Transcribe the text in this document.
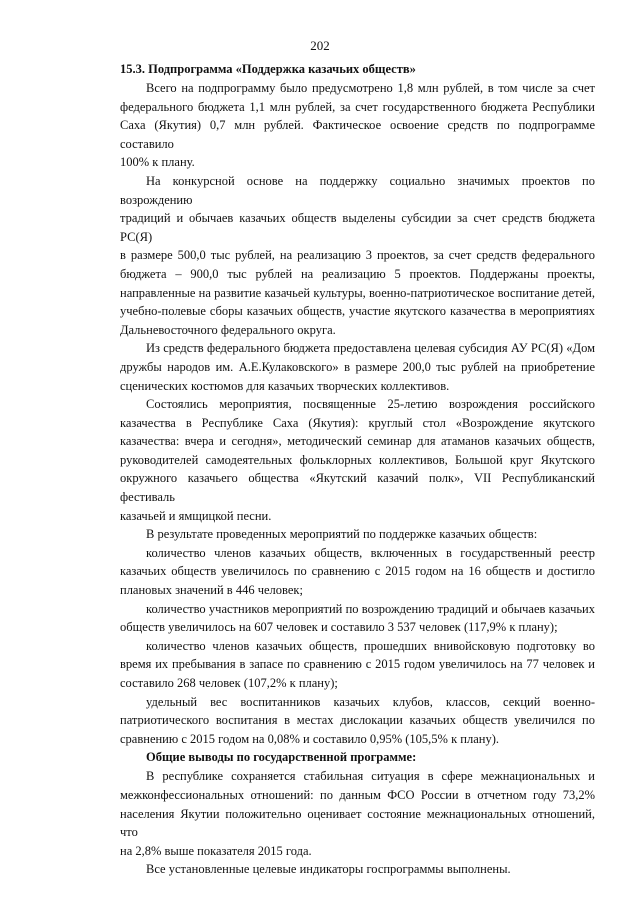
202
15.3. Подпрограмма «Поддержка казачьих обществ»
Всего на подпрограмму было предусмотрено 1,8 млн рублей, в том числе за счет
федерального бюджета 1,1 млн рублей, за счет государственного бюджета Республики
Саха (Якутия) 0,7 млн рублей. Фактическое освоение средств по подпрограмме составило
100% к плану.
На конкурсной основе на поддержку социально значимых проектов по возрождению
традиций и обычаев казачьих обществ выделены субсидии за счет средств бюджета РС(Я)
в размере 500,0 тыс рублей, на реализацию 3 проектов, за счет средств федерального
бюджета – 900,0 тыс рублей на реализацию 5 проектов. Поддержаны проекты,
направленные на развитие казачьей культуры, военно-патриотическое воспитание детей,
учебно-полевые сборы казачьих обществ, участие якутского казачества в мероприятиях
Дальневосточного федерального округа.
Из средств федерального бюджета предоставлена целевая субсидия АУ РС(Я) «Дом
дружбы народов им. А.Е.Кулаковского» в размере 200,0 тыс рублей на приобретение
сценических костюмов для казачьих творческих коллективов.
Состоялись мероприятия, посвященные 25-летию возрождения российского
казачества в Республике Саха (Якутия): круглый стол «Возрождение якутского
казачества: вчера и сегодня», методический семинар для атаманов казачьих обществ,
руководителей самодеятельных фольклорных коллективов, Большой круг Якутского
окружного казачьего общества «Якутский казачий полк», VII Республиканский фестиваль
казачьей и ямщицкой песни.
В результате проведенных мероприятий по поддержке казачьих обществ:
количество членов казачьих обществ, включенных в государственный реестр
казачьих обществ увеличилось по сравнению с 2015 годом на 16 обществ и достигло
плановых значений в 446 человек;
количество участников мероприятий по возрождению традиций и обычаев казачьих
обществ увеличилось на 607 человек и составило 3 537 человек (117,9% к плану);
количество членов казачьих обществ, прошедших внивойсковую подготовку во
время их пребывания в запасе по сравнению с 2015 годом увеличилось на 77 человек и
составило 268 человек (107,2% к плану);
удельный вес воспитанников казачьих клубов, классов, секций военно-
патриотического воспитания в местах дислокации казачьих обществ увеличился по
сравнению с 2015 годом на 0,08% и составило 0,95% (105,5% к плану).
Общие выводы по государственной программе:
В республике сохраняется стабильная ситуация в сфере межнациональных и
межконфессиональных отношений: по данным ФСО России в отчетном году 73,2%
населения Якутии положительно оценивает состояние межнациональных отношений, что
на 2,8% выше показателя 2015 года.
Все установленные целевые индикаторы госпрограммы выполнены.
